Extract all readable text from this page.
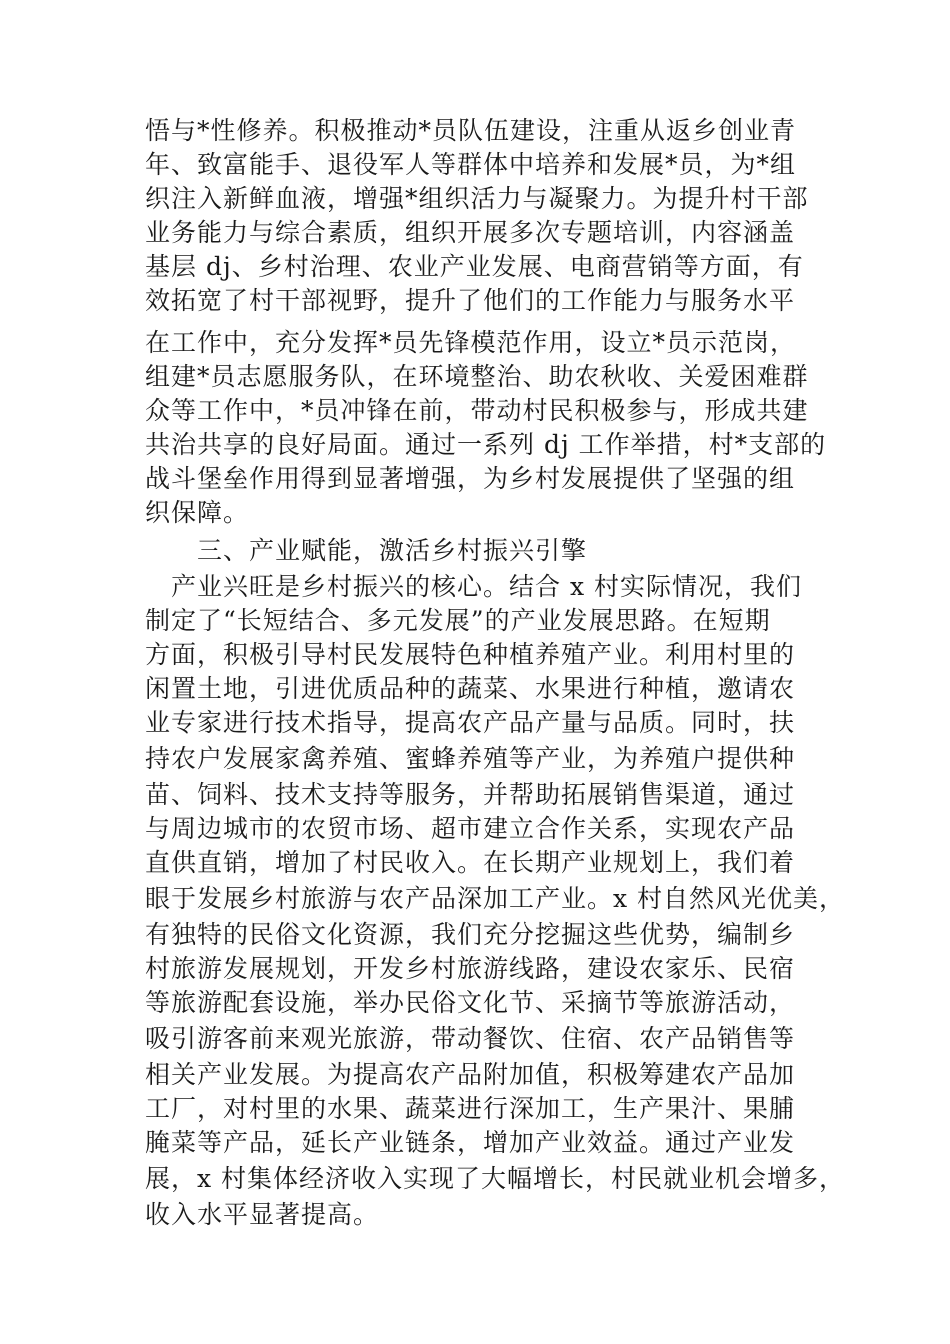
悟与*性修养。积极推动*员队伍建设，注重从返乡创业青
年、致富能手、退役军人等群体中培养和发展*员，为*组
织注入新鲜血液，增强*组织活力与凝聚力。为提升村干部
业务能力与综合素质，组织开展多次专题培训，内容涵盖
基层 dj、乡村治理、农业产业发展、电商营销等方面，有
效拓宽了村干部视野，提升了他们的工作能力与服务水平
在工作中，充分发挥*员先锋模范作用，设立*员示范岗，
组建*员志愿服务队，在环境整治、助农秋收、关爱困难群
众等工作中，*员冲锋在前，带动村民积极参与，形成共建
共治共享的良好局面。通过一系列 dj 工作举措，村*支部的
战斗堡垒作用得到显著增强，为乡村发展提供了坚强的组
织保障。
三、产业赋能，激活乡村振兴引擎
产业兴旺是乡村振兴的核心。结合 x 村实际情况，我们
制定了“长短结合、多元发展”的产业发展思路。在短期
方面，积极引导村民发展特色种植养殖产业。利用村里的
闲置土地，引进优质品种的蔬菜、水果进行种植，邀请农
业专家进行技术指导，提高农产品产量与品质。同时，扶
持农户发展家禽养殖、蜜蜂养殖等产业，为养殖户提供种
苗、饲料、技术支持等服务，并帮助拓展销售渠道，通过
与周边城市的农贸市场、超市建立合作关系，实现农产品
直供直销，增加了村民收入。在长期产业规划上，我们着
眼于发展乡村旅游与农产品深加工产业。x 村自然风光优美，
有独特的民俗文化资源，我们充分挖掘这些优势，编制乡
村旅游发展规划，开发乡村旅游线路，建设农家乐、民宿
等旅游配套设施，举办民俗文化节、采摘节等旅游活动，
吸引游客前来观光旅游，带动餐饮、住宿、农产品销售等
相关产业发展。为提高农产品附加值，积极筹建农产品加
工厂，对村里的水果、蔬菜进行深加工，生产果汁、果脯
腌菜等产品，延长产业链条，增加产业效益。通过产业发
展，x 村集体经济收入实现了大幅增长，村民就业机会增多，
收入水平显著提高。
